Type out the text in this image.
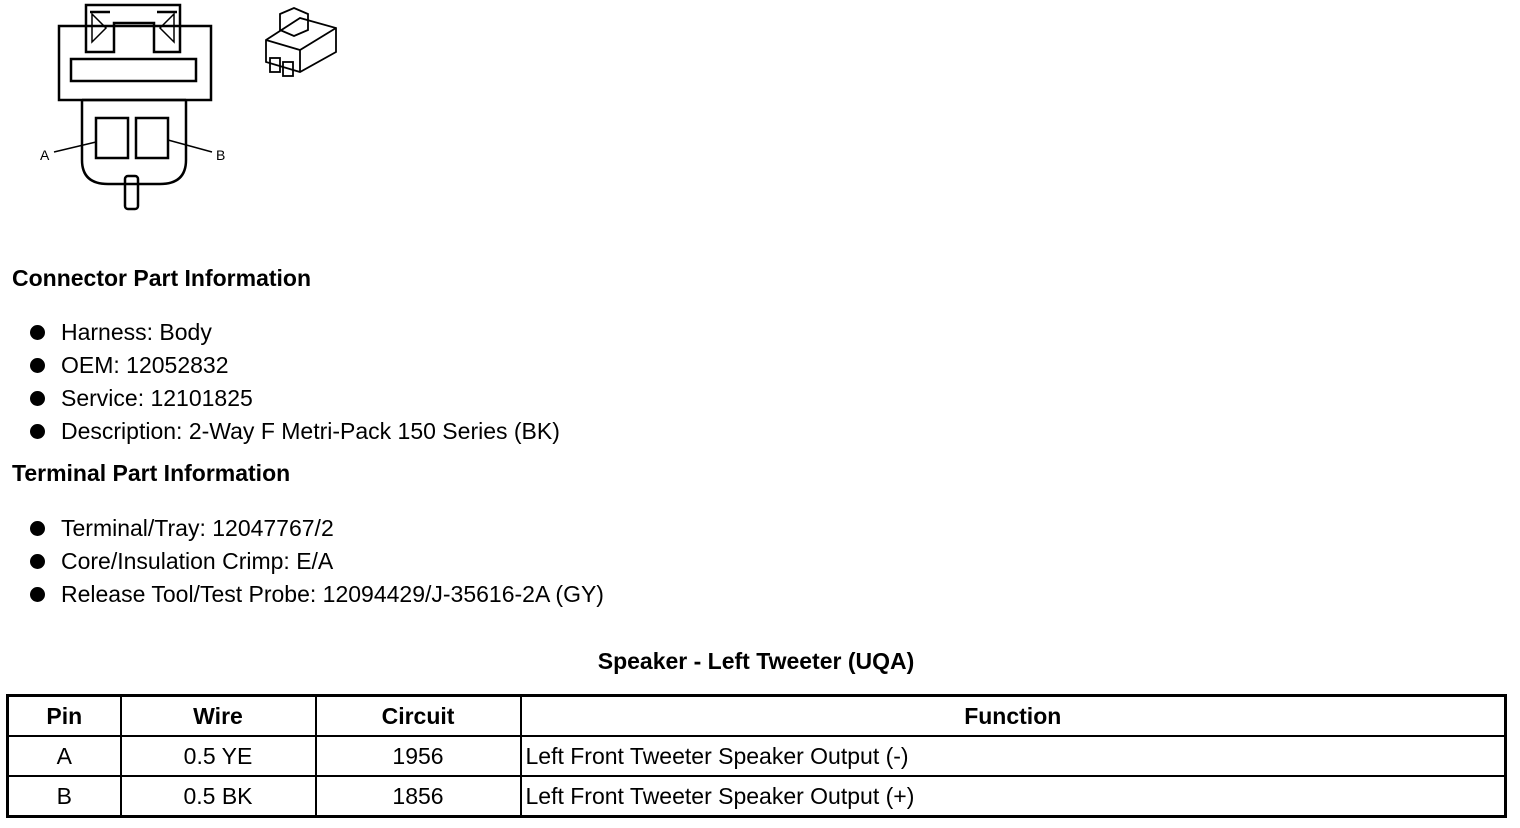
A	B
Connector Part Information
Harness: Body
OEM: 12052832
Service: 12101825
Description: 2-Way F Metri-Pack 150 Series (BK)
Terminal Part Information
Terminal/Tray: 12047767/2
Core/Insulation Crimp: E/A
Release Tool/Test Probe: 12094429/J-35616-2A (GY)
Speaker - Left Tweeter (UQA)
Pin	Wire	Circuit	Function
A	0.5 YE	1956	Left Front Tweeter Speaker Output (-)
B	0.5 BK	1856	Left Front Tweeter Speaker Output (+)
